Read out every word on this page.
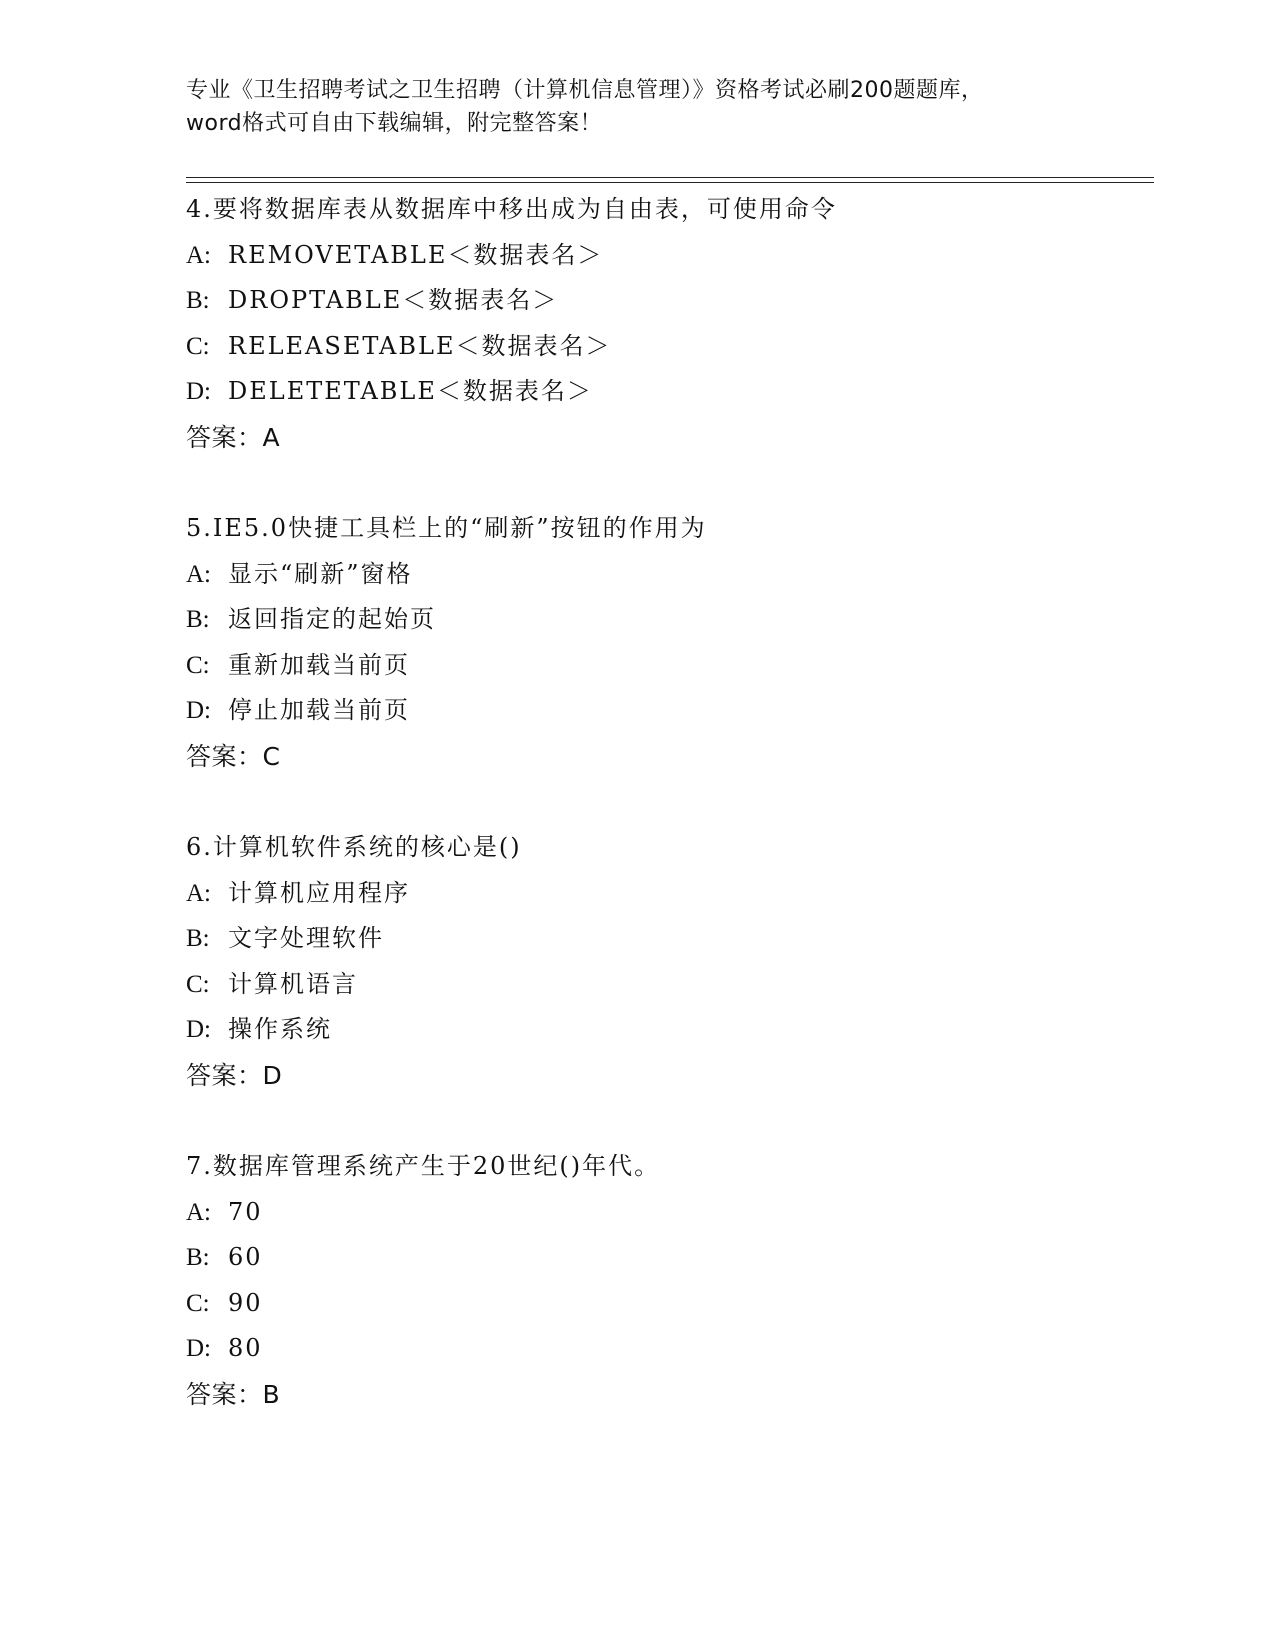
专业《卫生招聘考试之卫生招聘（计算机信息管理）》资格考试必刷200题题库，
word格式可自由下载编辑，附完整答案！
4.要将数据库表从数据库中移出成为自由表，可使用命令
A: REMOVETABLE＜数据表名＞
B: DROPTABLE＜数据表名＞
C: RELEASETABLE＜数据表名＞
D: DELETETABLE＜数据表名＞
答案：A
5.IE5.0快捷工具栏上的“刷新”按钮的作用为
A: 显示“刷新”窗格
B: 返回指定的起始页
C: 重新加载当前页
D: 停止加载当前页
答案：C
6.计算机软件系统的核心是()
A: 计算机应用程序
B: 文字处理软件
C: 计算机语言
D: 操作系统
答案：D
7.数据库管理系统产生于20世纪()年代。
A: 70
B: 60
C: 90
D: 80
答案：B
